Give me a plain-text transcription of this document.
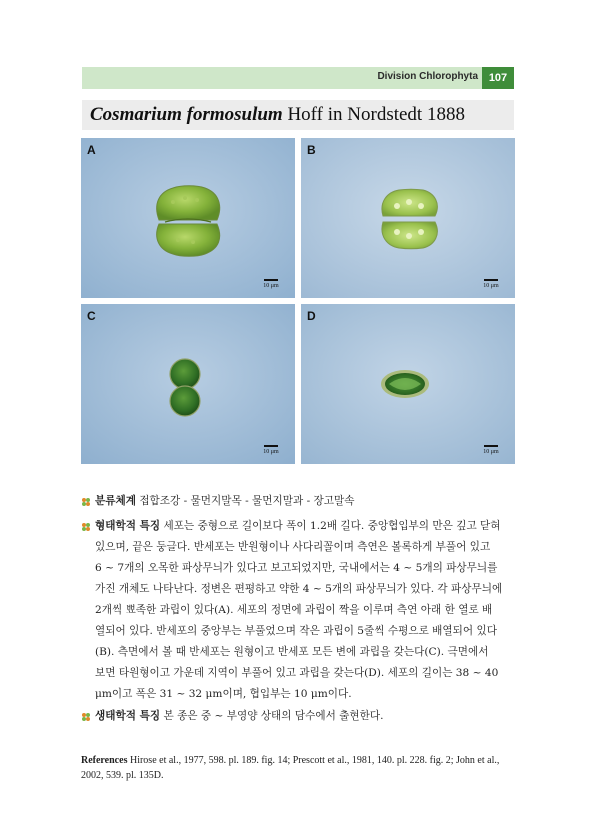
Division Chlorophyta 107
Cosmarium formosulum Hoff in Nordstedt 1888
A
10 μm
B
10 μm
C
10 μm
D
10 μm
분류체계 접합조강 - 물먼지말목 - 물먼지말과 - 장고말속
형태학적 특징 세포는 중형으로 길이보다 폭이 1.2배 길다. 중앙협입부의 만은 깊고 닫혀
있으며, 끝은 둥글다. 반세포는 반원형이나 사다리꼴이며 측연은 볼록하게 부풀어 있고
6 ~ 7개의 오목한 파상무늬가 있다고 보고되었지만, 국내에서는 4 ~ 5개의 파상무늬를
가진 개체도 나타난다. 정변은 편평하고 약한 4 ~ 5개의 파상무늬가 있다. 각 파상무늬에
2개씩 뾰족한 과립이 있다(A). 세포의 정면에 과립이 짝을 이루며 측연 아래 한 열로 배
열되어 있다. 반세포의 중앙부는 부풀었으며 작은 과립이 5줄씩 수평으로 배열되어 있다
(B). 측면에서 볼 때 반세포는 원형이고 반세포 모든 변에 과립을 갖는다(C). 극면에서
보면 타원형이고 가운데 지역이 부풀어 있고 과립을 갖는다(D). 세포의 길이는 38 ~ 40
μm이고 폭은 31 ~ 32 μm이며, 협입부는 10 μm이다.
생태학적 특징 본 종은 중 ~ 부영양 상태의 담수에서 출현한다.
References Hirose et al., 1977, 598. pl. 189. fig. 14; Prescott et al., 1981, 140. pl. 228. fig. 2; John et al., 2002, 539. pl. 135D.
